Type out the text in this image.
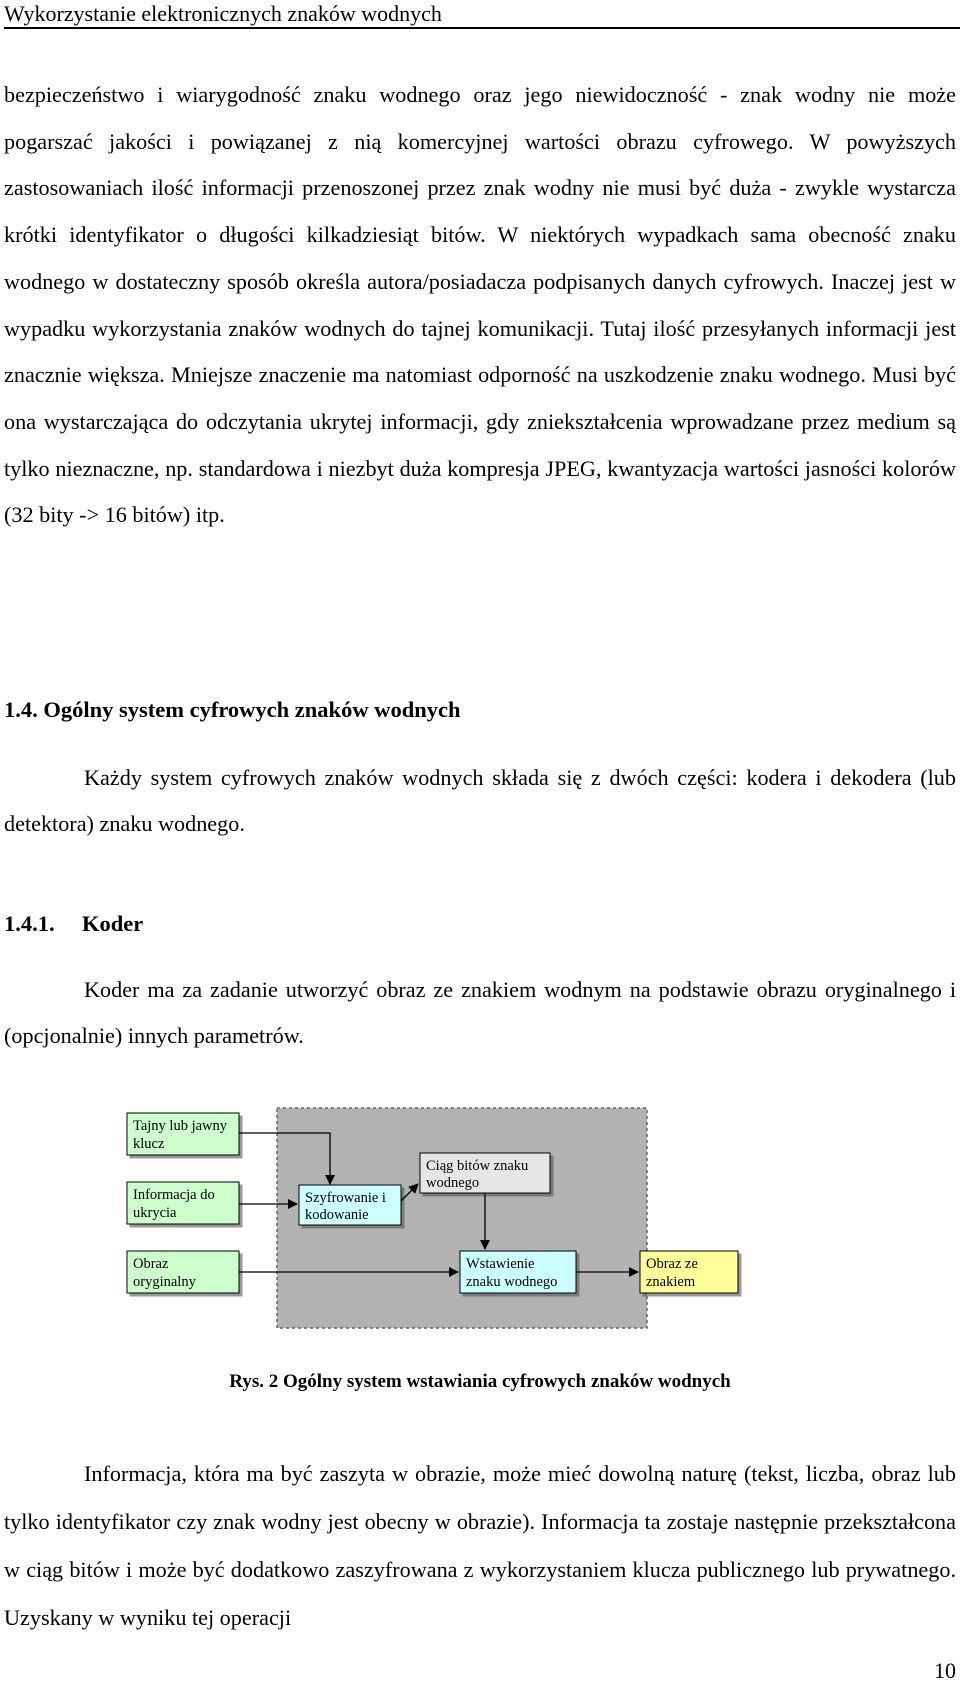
Wykorzystanie elektronicznych znaków wodnych

bezpieczeństwo i wiarygodność znaku wodnego oraz jego niewidoczność - znak wodny nie może pogarszać jakości i powiązanej z nią komercyjnej wartości obrazu cyfrowego. W powyższych zastosowaniach ilość informacji przenoszonej przez znak wodny nie musi być duża - zwykle wystarcza krótki identyfikator o długości kilkadziesiąt bitów. W niektórych wypadkach sama obecność znaku wodnego w dostateczny sposób określa autora/posiadacza podpisanych danych cyfrowych. Inaczej jest w wypadku wykorzystania znaków wodnych do tajnej komunikacji. Tutaj ilość przesyłanych informacji jest znacznie większa. Mniejsze znaczenie ma natomiast odporność na uszkodzenie znaku wodnego. Musi być ona wystarczająca do odczytania ukrytej informacji, gdy zniekształcenia wprowadzane przez medium są tylko nieznaczne, np. standardowa i niezbyt duża kompresja JPEG, kwantyzacja wartości jasności kolorów (32 bity -> 16 bitów) itp.

1.4. Ogólny system cyfrowych znaków wodnych

Każdy system cyfrowych znaków wodnych składa się z dwóch części: kodera i dekodera (lub detektora) znaku wodnego.

1.4.1. Koder

Koder ma za zadanie utworzyć obraz ze znakiem wodnym na podstawie obrazu oryginalnego i (opcjonalnie) innych parametrów.

Tajny lub jawny
klucz
Informacja do
ukrycia
Obraz
oryginalny
Szyfrowanie i
kodowanie
Ciąg bitów znaku
wodnego
Wstawienie
znaku wodnego
Obraz ze
znakiem
Rys. 2 Ogólny system wstawiania cyfrowych znaków wodnych

Informacja, która ma być zaszyta w obrazie, może mieć dowolną naturę (tekst, liczba, obraz lub tylko identyfikator czy znak wodny jest obecny w obrazie). Informacja ta zostaje następnie przekształcona w ciąg bitów i może być dodatkowo zaszyfrowana z wykorzystaniem klucza publicznego lub prywatnego. Uzyskany w wyniku tej operacji

10
